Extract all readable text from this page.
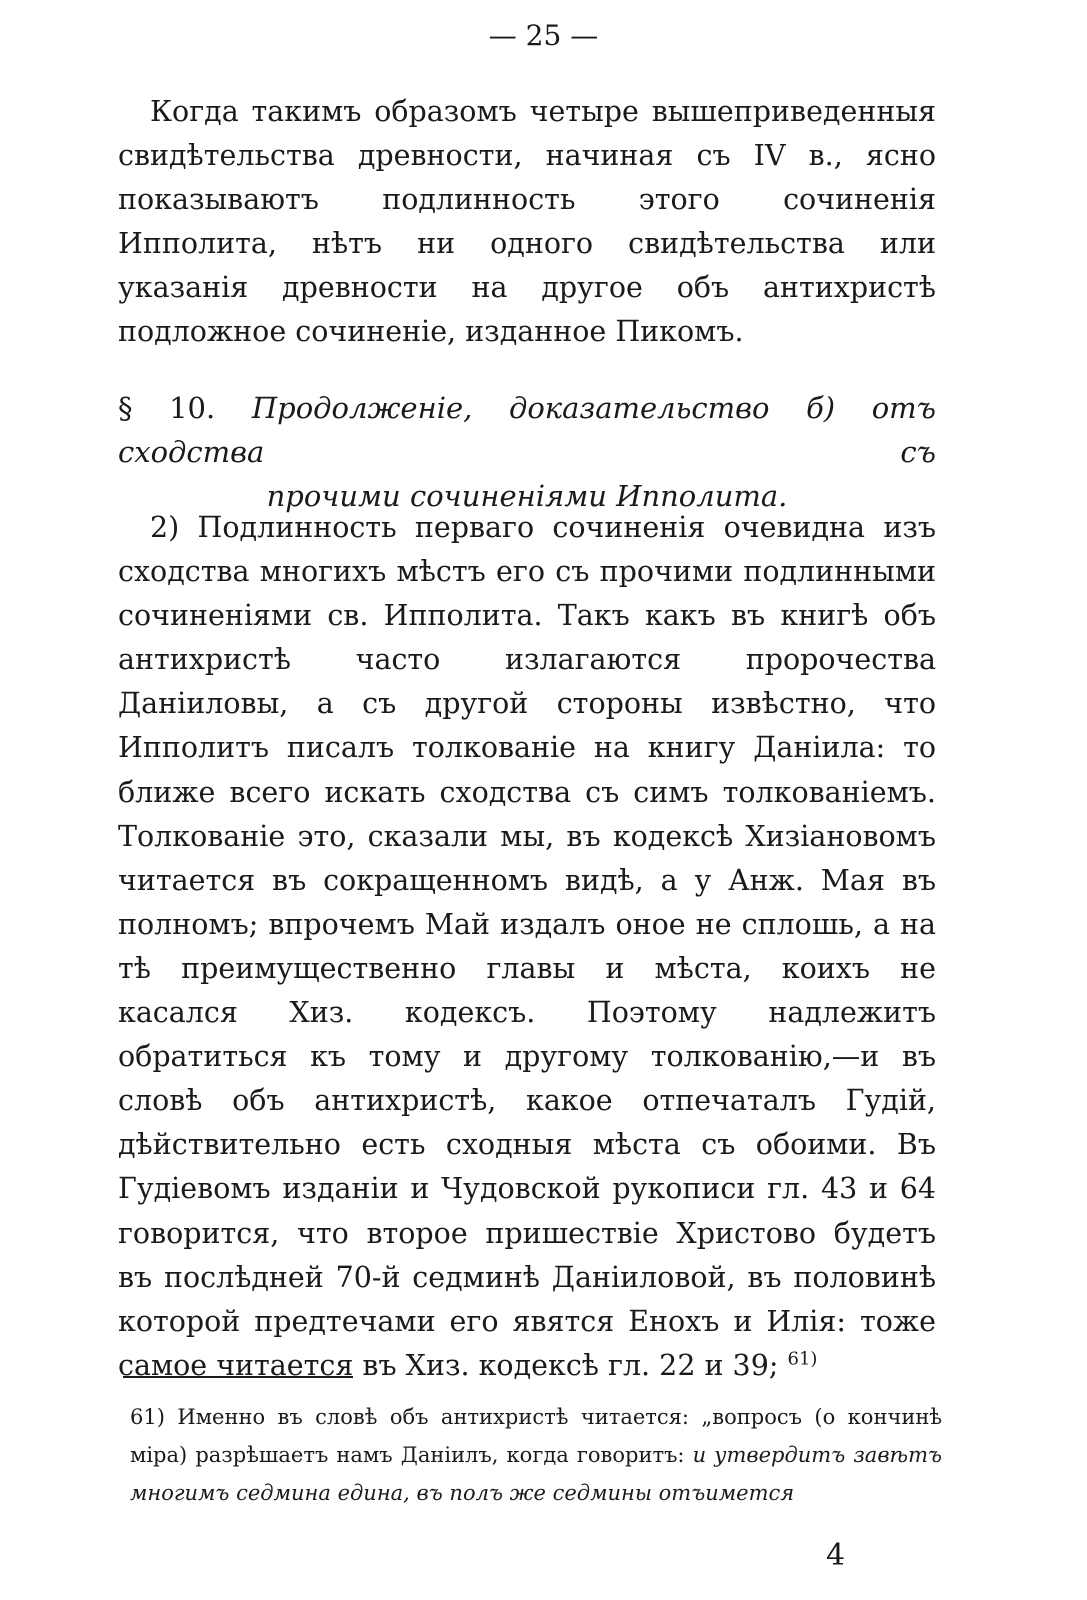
— 25 —
Когда такимъ образомъ четыре вышеприведенныя свидѣтельства древности, начиная съ IV в., ясно показываютъ подлинность этого сочиненія Ипполита, нѣтъ ни одного свидѣтельства или указанія древности на другое объ антихристѣ подложное сочиненіе, изданное Пикомъ.
§ 10. Продолженіе, доказательство б) отъ сходства съ
прочими сочиненіями Ипполита.
2) Подлинность перваго сочиненія очевидна изъ сходства многихъ мѣстъ его съ прочими подлинными сочиненіями св. Ипполита. Такъ какъ въ книгѣ объ антихристѣ часто излагаются пророчества Даніиловы, а съ другой стороны извѣстно, что Ипполитъ писалъ толкованіе на книгу Даніила: то ближе всего искать сходства съ симъ толкованіемъ. Толкованіе это, сказали мы, въ кодексѣ Хизіановомъ читается въ сокращенномъ видѣ, а у Анж. Мая въ полномъ; впрочемъ Май издалъ оное не сплошь, а на тѣ преимущественно главы и мѣста, коихъ не касался Хиз. кодексъ. Поэтому надлежитъ обратиться къ тому и другому толкованію,—и въ словѣ объ антихристѣ, какое отпечаталъ Гудій, дѣйствительно есть сходныя мѣста съ обоими. Въ Гудіевомъ изданіи и Чудовской рукописи гл. 43 и 64 говорится, что второе пришествіе Христово будетъ въ послѣдней 70-й седминѣ Даніиловой, въ половинѣ которой предтечами его явятся Енохъ и Илія: тоже самое читается въ Хиз. кодексѣ гл. 22 и 39; $^{61)}$
61) Именно въ словѣ объ антихристѣ читается: „вопросъ (о кончинѣ міра) разрѣшаетъ намъ Даніилъ, когда говоритъ: и утвердитъ завѣтъ многимъ седмина едина, въ полъ же седмины отъимется
4
